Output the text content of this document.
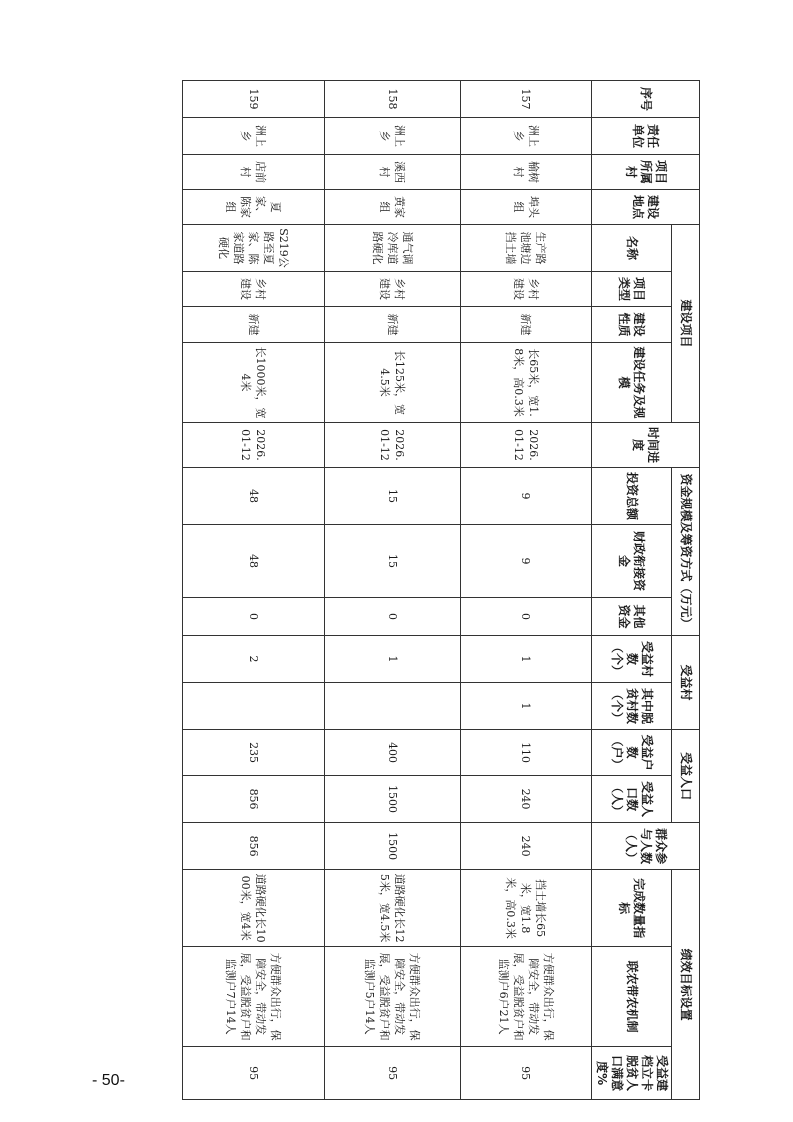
序号	责任单位	项目所属村	建设地点	建设项目				时间进度	资金规模及筹资方式（万元）			受益村		受益人口		群众参与人数（人）	绩效目标设置		
				名称	项目类型	建设性质	建设任务及规模		投资总额	财政衔接资金	其他资金	受益村数（个）	其中脱贫村数（个）	受益户数（户）	受益人口数（人）		完成数量指标	联农带农机制	受益建档立卡脱贫人口满意度%
157	洲上乡	榆树村	埠头组	生产路池塘边挡土墙	乡村建设	新建	长65米，宽1.8米，高0.3米	2026.01-12	9	9	0	1	1	110	240	240	挡土墙长65米，宽1.8米，高0.3米	方便群众出行，保障安全，带动发展，受益脱贫户和监测户6户21人	95
158	洲上乡	溪西村	黄家组	通气调冷库道路硬化	乡村建设	新建	长125米，宽4.5米	2026.01-12	15	15	0	1		400	1500	1500	道路硬化长125米，宽4.5米	方便群众出行，保障安全，带动发展，受益脱贫户和监测户5户14人	95
159	洲上乡	店前村	夏家、陈家组	S219公路至夏家、陈家道路硬化	乡村建设	新建	长1000米，宽4米	2026.01-12	48	48	0	2		235	856	856	道路硬化长1000米，宽4米	方便群众出行，保障安全，带动发展，受益脱贫户和监测户7户14人	95
- 50-
